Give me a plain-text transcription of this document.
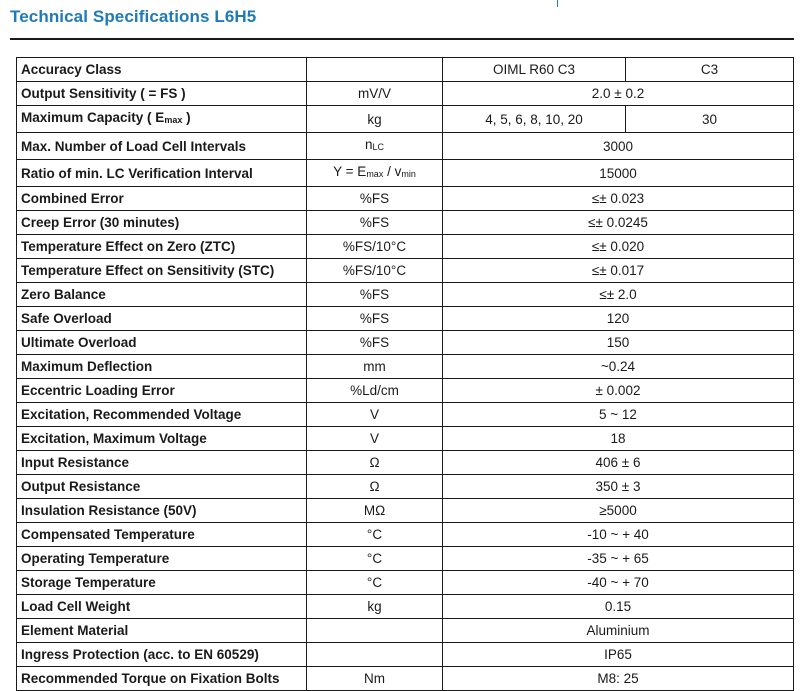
Technical Specifications L6H5
Accuracy Class		OIML R60 C3	C3
Output Sensitivity ( = FS )	mV/V	2.0 ± 0.2	
Maximum Capacity ( $E_{max}$ )	kg	4, 5, 6, 8, 10, 20	30
Max. Number of Load Cell Intervals	$n_{LC}$	3000	
Ratio of min. LC Verification Interval	$Y = E_{max} / v_{min}$	15000	
Combined Error	%FS	≤± 0.023	
Creep Error (30 minutes)	%FS	≤± 0.0245	
Temperature Effect on Zero (ZTC)	%FS/10°C	≤± 0.020	
Temperature Effect on Sensitivity (STC)	%FS/10°C	≤± 0.017	
Zero Balance	%FS	≤± 2.0	
Safe Overload	%FS	120	
Ultimate Overload	%FS	150	
Maximum Deflection	mm	~0.24	
Eccentric Loading Error	%Ld/cm	± 0.002	
Excitation, Recommended Voltage	V	5 ~ 12	
Excitation, Maximum Voltage	V	18	
Input Resistance	Ω	406 ± 6	
Output Resistance	Ω	350 ± 3	
Insulation Resistance (50V)	MΩ	≥5000	
Compensated Temperature	°C	-10 ~ + 40	
Operating Temperature	°C	-35 ~ + 65	
Storage Temperature	°C	-40 ~ + 70	
Load Cell Weight	kg	0.15	
Element Material		Aluminium	
Ingress Protection (acc. to EN 60529)		IP65	
Recommended Torque on Fixation Bolts	Nm	M8: 25	
